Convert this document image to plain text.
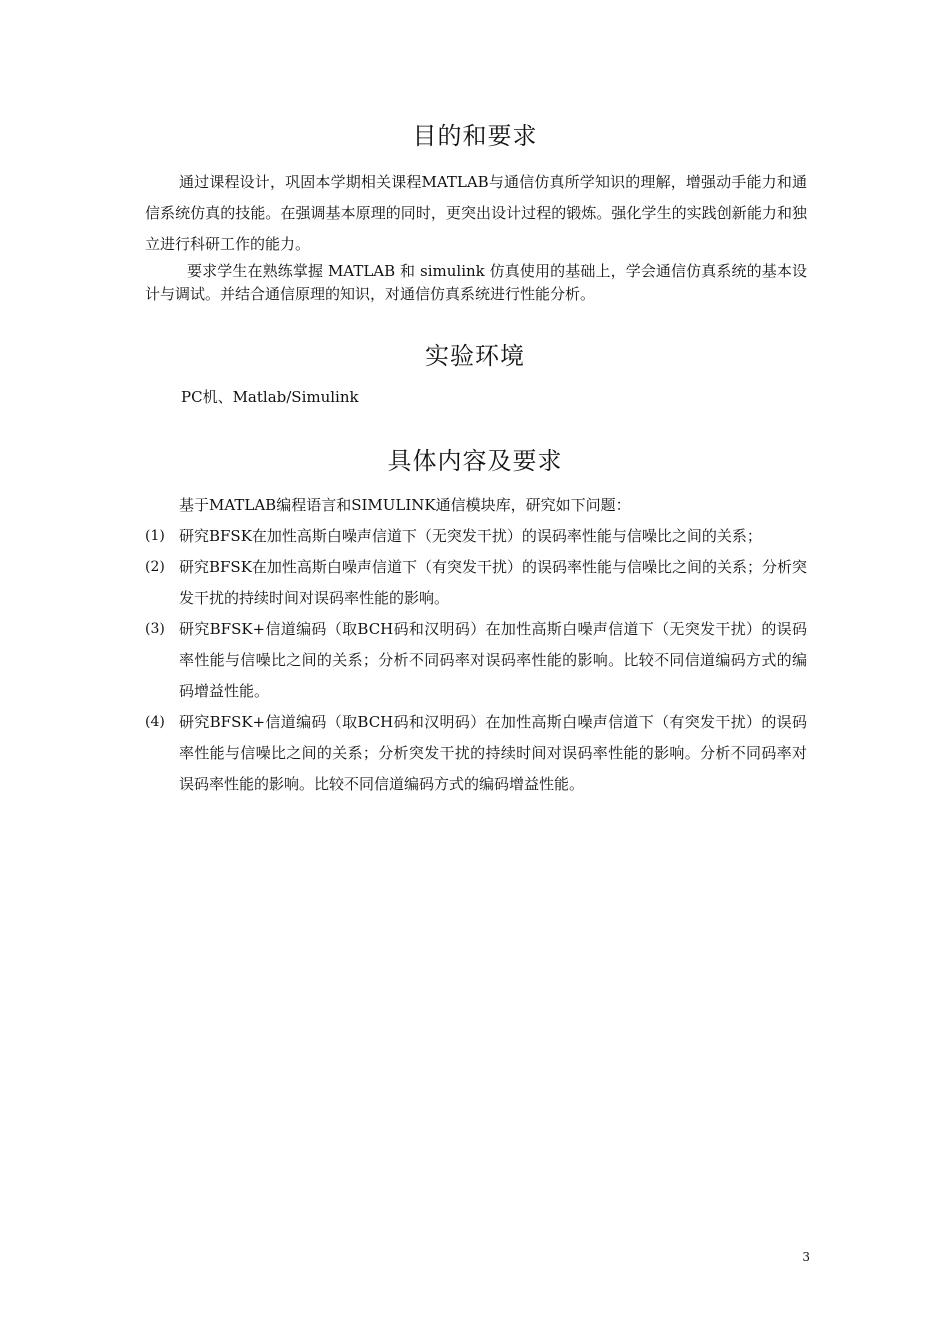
目的和要求

通过课程设计，巩固本学期相关课程MATLAB与通信仿真所学知识的理解，增强动手能力和通信系统仿真的技能。在强调基本原理的同时，更突出设计过程的锻炼。强化学生的实践创新能力和独立进行科研工作的能力。

要求学生在熟练掌握 MATLAB 和 simulink 仿真使用的基础上，学会通信仿真系统的基本设计与调试。并结合通信原理的知识，对通信仿真系统进行性能分析。

实验环境

PC机、Matlab/Simulink

具体内容及要求

基于MATLAB编程语言和SIMULINK通信模块库，研究如下问题：

(1) 研究BFSK在加性高斯白噪声信道下（无突发干扰）的误码率性能与信噪比之间的关系；
(2) 研究BFSK在加性高斯白噪声信道下（有突发干扰）的误码率性能与信噪比之间的关系；分析突发干扰的持续时间对误码率性能的影响。
(3) 研究BFSK+信道编码（取BCH码和汉明码）在加性高斯白噪声信道下（无突发干扰）的误码率性能与信噪比之间的关系；分析不同码率对误码率性能的影响。比较不同信道编码方式的编码增益性能。
(4) 研究BFSK+信道编码（取BCH码和汉明码）在加性高斯白噪声信道下（有突发干扰）的误码率性能与信噪比之间的关系；分析突发干扰的持续时间对误码率性能的影响。分析不同码率对误码率性能的影响。比较不同信道编码方式的编码增益性能。
3
